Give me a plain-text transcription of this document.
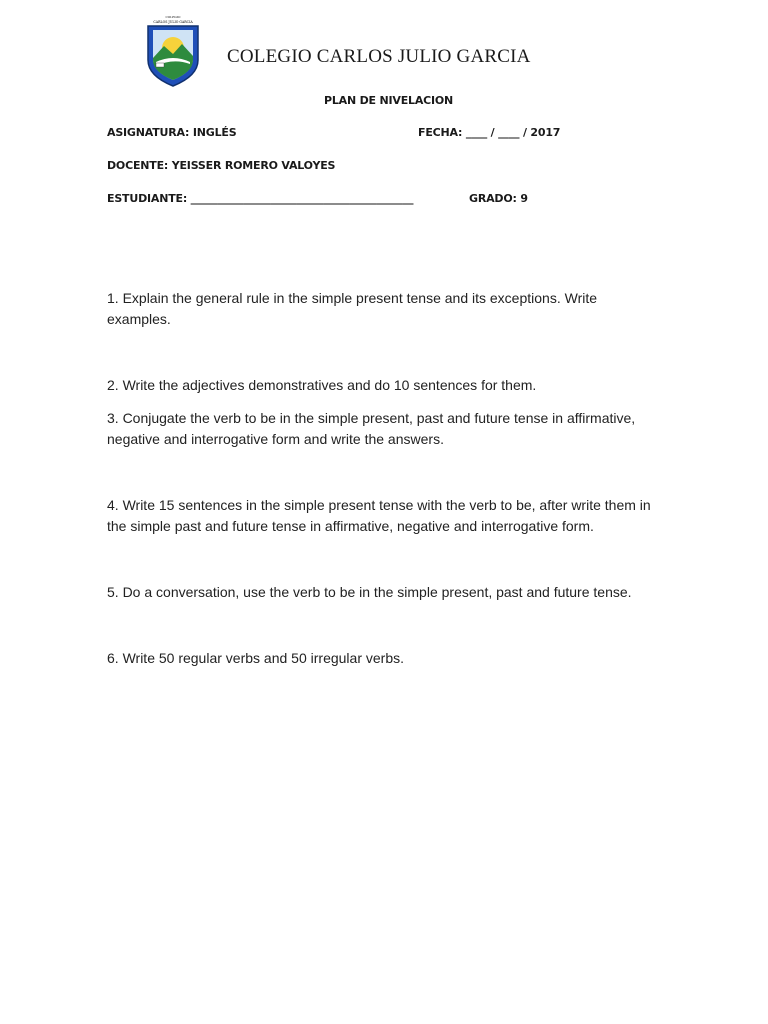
COLEGIO
CARLOS JULIO GARCIA
COLEGIO CARLOS JULIO GARCIA
PLAN DE NIVELACION
ASIGNATURA: INGLÉS	FECHA: ____ / ____ / 2017
DOCENTE: YEISSER ROMERO VALOYES
ESTUDIANTE: __________________________________________	GRADO: 9

1. Explain the general rule in the simple present tense and its exceptions. Write examples.

2. Write the adjectives demonstratives and do 10 sentences for them.

3. Conjugate the verb to be in the simple present, past and future tense in affirmative, negative and interrogative form and write the answers.

4. Write 15 sentences in the simple present tense with the verb to be, after write them in the simple past and future tense in affirmative, negative and interrogative form.

5. Do a conversation, use the verb to be in the simple present, past and future tense.

6. Write 50 regular verbs and 50 irregular verbs.
